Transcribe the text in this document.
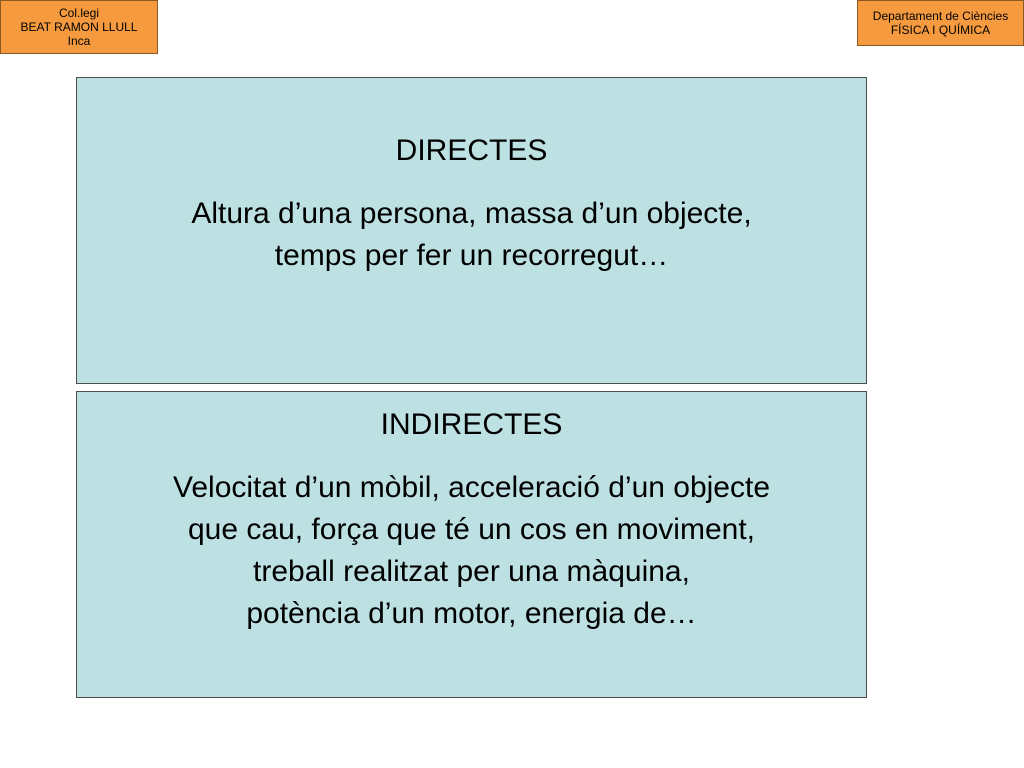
Col.legi
BEAT RAMON LLULL
Inca
Departament de Ciències
FÍSICA I QUÍMICA
DIRECTES
Altura d’una persona, massa d’un objecte,
temps per fer un recorregut…
INDIRECTES
Velocitat d’un mòbil, acceleració d’un objecte
que cau, força que té un cos en moviment,
treball realitzat per una màquina,
potència d’un motor, energia de…
